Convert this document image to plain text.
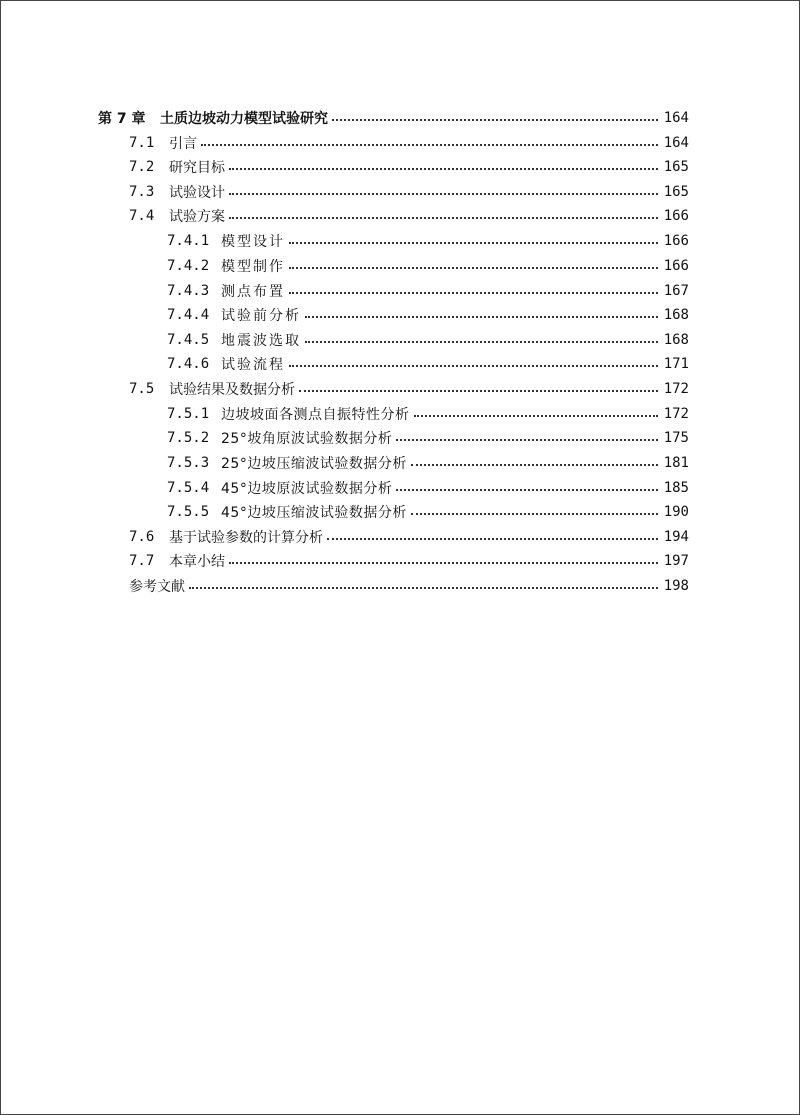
第 7 章	土质边坡动力模型试验研究	164
7.1	引言	164
7.2	研究目标	165
7.3	试验设计	165
7.4	试验方案	166
7.4.1 模型设计	166
7.4.2 模型制作	166
7.4.3 测点布置	167
7.4.4 试验前分析	168
7.4.5 地震波选取	168
7.4.6 试验流程	171
7.5	试验结果及数据分析	172
7.5.1 边坡坡面各测点自振特性分析	172
7.5.2 25°坡角原波试验数据分析	175
7.5.3 25°边坡压缩波试验数据分析	181
7.5.4 45°边坡原波试验数据分析	185
7.5.5 45°边坡压缩波试验数据分析	190
7.6	基于试验参数的计算分析	194
7.7	本章小结	197
参考文献	198
